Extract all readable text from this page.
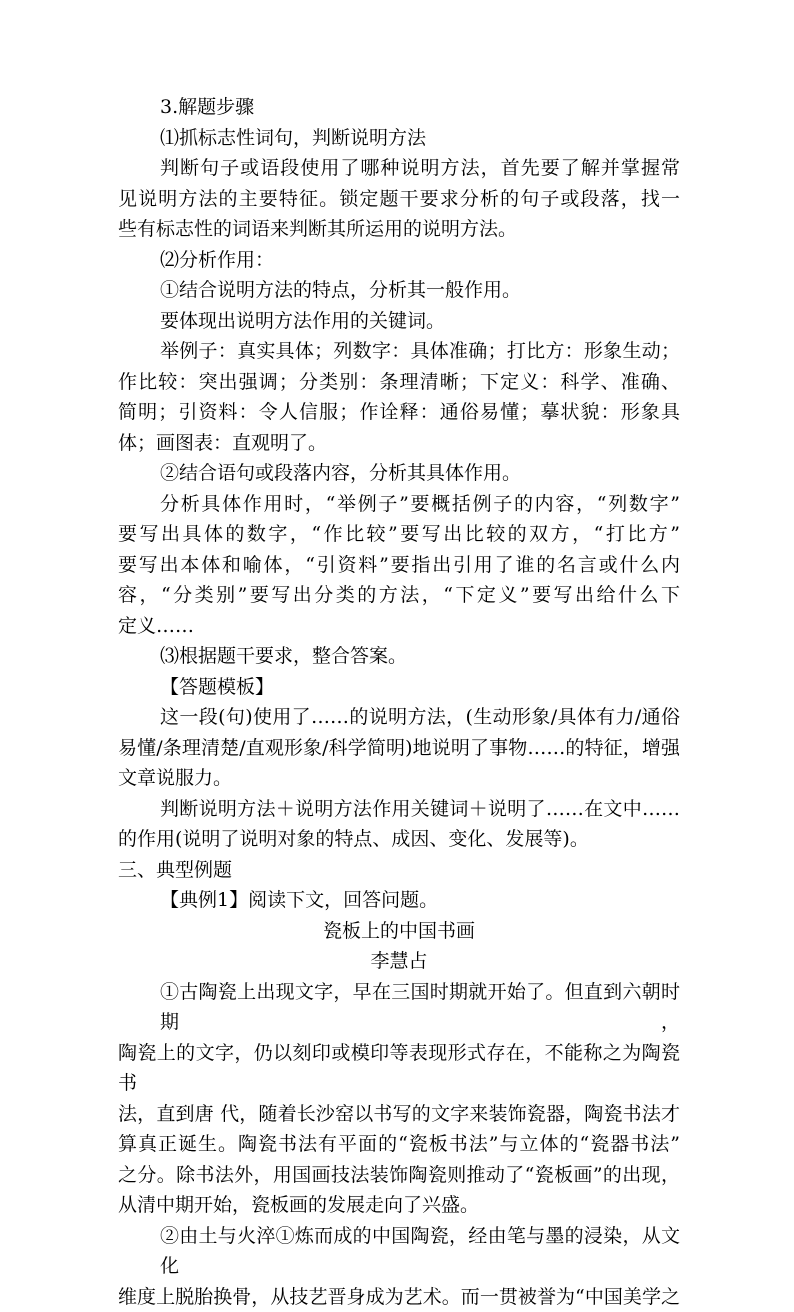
3.解题步骤

⑴抓标志性词句，判断说明方法

判断句子或语段使用了哪种说明方法，首先要了解并掌握常

见说明方法的主要特征。锁定题干要求分析的句子或段落，找一

些有标志性的词语来判断其所运用的说明方法。

⑵分析作用：

①结合说明方法的特点，分析其一般作用。

要体现出说明方法作用的关键词。

举例子：真实具体；列数字：具体准确；打比方：形象生动；

作比较：突出强调；分类别：条理清晰；下定义：科学、准确、

简明；引资料：令人信服；作诠释：通俗易懂；摹状貌：形象具

体；画图表：直观明了。

②结合语句或段落内容，分析其具体作用。

分析具体作用时，“举例子”要概括例子的内容，“列数字”

要写出具体的数字，“作比较”要写出比较的双方，“打比方”

要写出本体和喻体，“引资料”要指出引用了谁的名言或什么内

容，“分类别”要写出分类的方法，“下定义”要写出给什么下

定义……

⑶根据题干要求，整合答案。

【答题模板】

这一段(句)使用了……的说明方法，(生动形象/具体有力/通俗

易懂/条理清楚/直观形象/科学简明)地说明了事物……的特征，增强

文章说服力。

判断说明方法＋说明方法作用关键词＋说明了……在文中……

的作用(说明了说明对象的特点、成因、变化、发展等)。

三、典型例题

【典例1】阅读下文，回答问题。

瓷板上的中国书画

李慧占

①古陶瓷上出现文字，早在三国时期就开始了。但直到六朝时期，

陶瓷上的文字，仍以刻印或模印等表现形式存在，不能称之为陶瓷书

法，直到唐 代，随着长沙窑以书写的文字来装饰瓷器，陶瓷书法才

算真正诞生。陶瓷书法有平面的“瓷板书法”与立体的“瓷器书法”

之分。除书法外，用国画技法装饰陶瓷则推动了“瓷板画”的出现，

从清中期开始，瓷板画的发展走向了兴盛。

②由土与火淬①炼而成的中国陶瓷，经由笔与墨的浸染，从文化

维度上脱胎换骨，从技艺晋身成为艺术。而一贯被誉为“中国美学之
